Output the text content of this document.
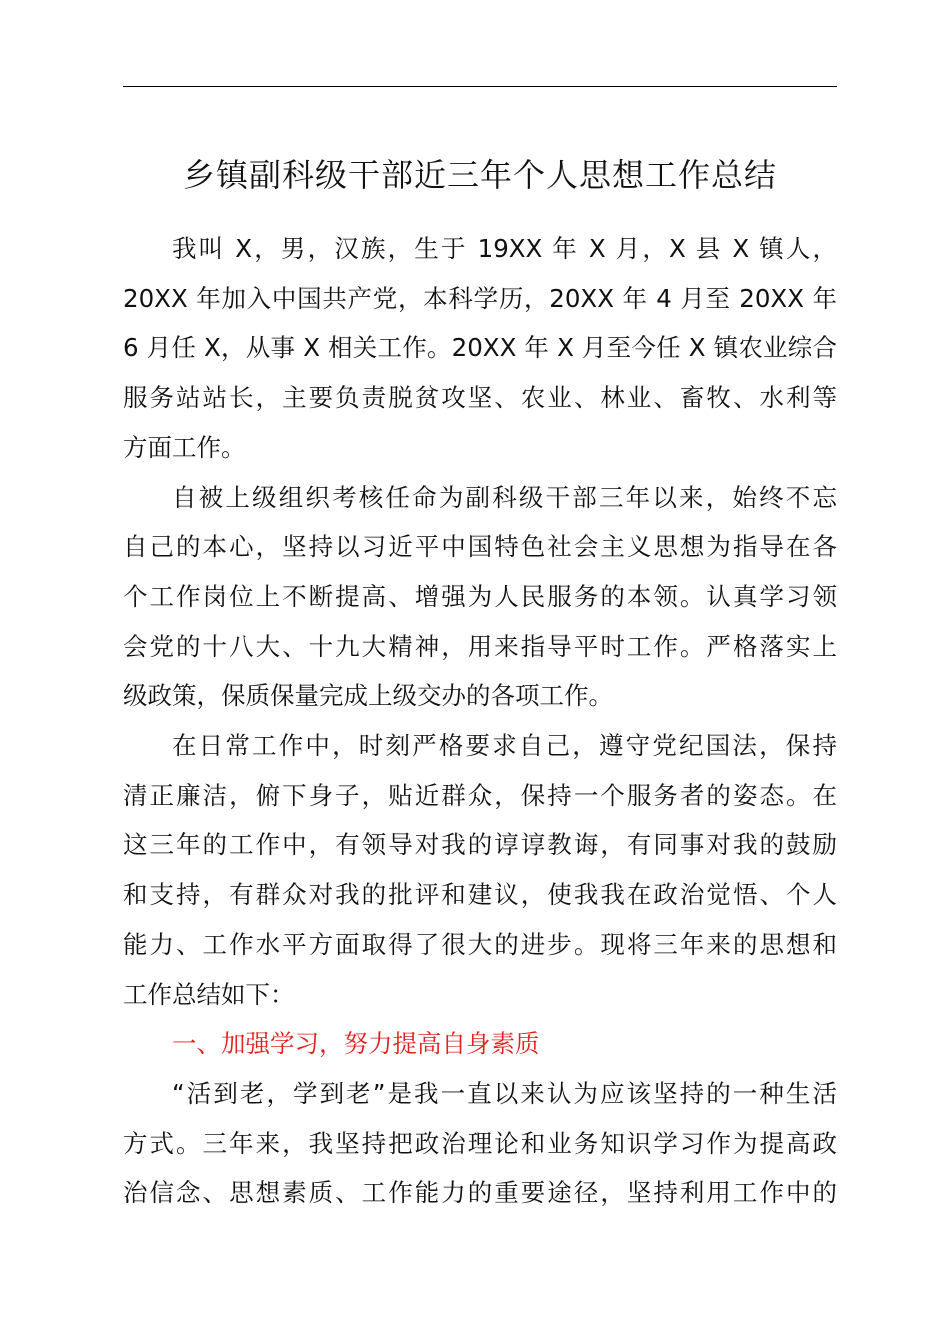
乡镇副科级干部近三年个人思想工作总结

我叫 X，男，汉族，生于 19XX 年 X 月，X 县 X 镇人，
20XX 年加入中国共产党，本科学历，20XX 年 4 月至 20XX 年
6 月任 X，从事 X 相关工作。20XX 年 X 月至今任 X 镇农业综合
服务站站长，主要负责脱贫攻坚、农业、林业、畜牧、水利等
方面工作。

自被上级组织考核任命为副科级干部三年以来，始终不忘
自己的本心，坚持以习近平中国特色社会主义思想为指导在各
个工作岗位上不断提高、增强为人民服务的本领。认真学习领
会党的十八大、十九大精神，用来指导平时工作。严格落实上
级政策，保质保量完成上级交办的各项工作。

在日常工作中，时刻严格要求自己，遵守党纪国法，保持
清正廉洁，俯下身子，贴近群众，保持一个服务者的姿态。在
这三年的工作中，有领导对我的谆谆教诲，有同事对我的鼓励
和支持，有群众对我的批评和建议，使我我在政治觉悟、个人
能力、工作水平方面取得了很大的进步。现将三年来的思想和
工作总结如下：

一、加强学习，努力提高自身素质

“活到老，学到老”是我一直以来认为应该坚持的一种生活
方式。三年来，我坚持把政治理论和业务知识学习作为提高政
治信念、思想素质、工作能力的重要途径，坚持利用工作中的
